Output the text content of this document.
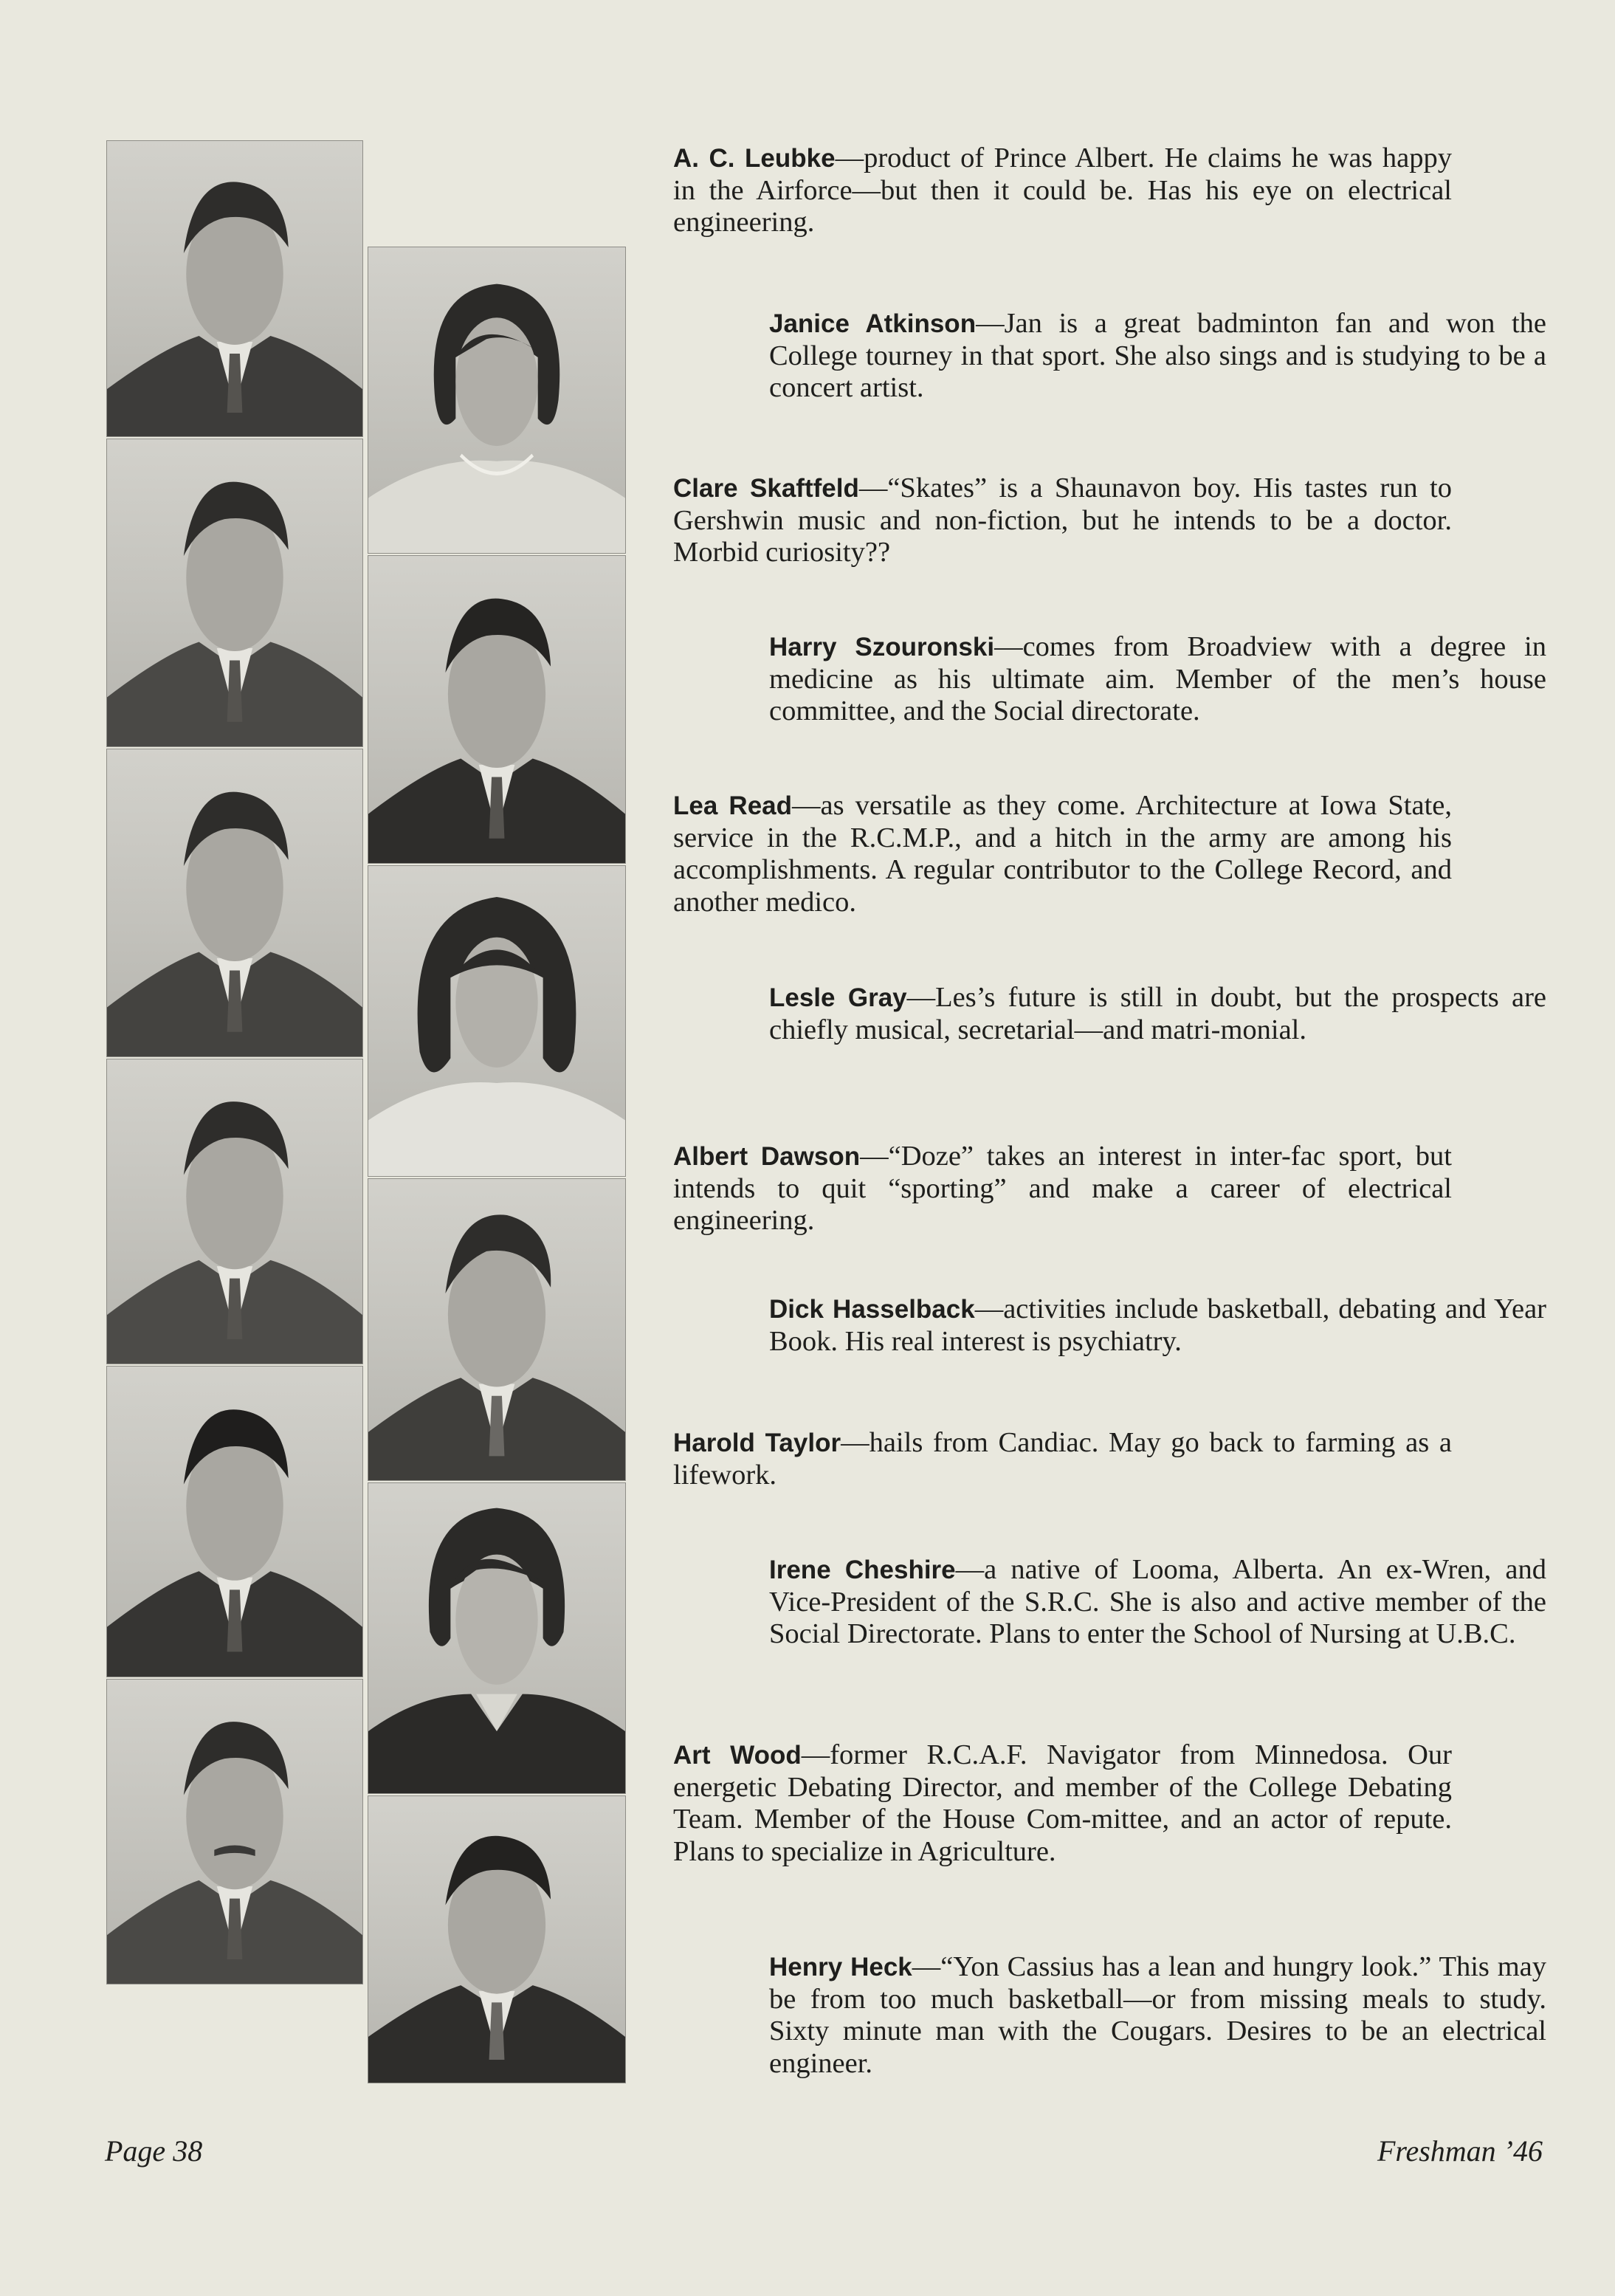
A. C. Leubke—product of Prince Albert. He claims he was happy in the Airforce—but then it could be. Has his eye on electrical engineering.
Janice Atkinson—Jan is a great badminton fan and won the College tourney in that sport. She also sings and is studying to be a concert artist.
Clare Skaftfeld—“Skates” is a Shaunavon boy. His tastes run to Gershwin music and non-fiction, but he intends to be a doctor. Morbid curiosity??
Harry Szouronski—comes from Broadview with a degree in medicine as his ultimate aim. Member of the men’s house committee, and the Social directorate.
Lea Read—as versatile as they come. Architecture at Iowa State, service in the R.C.M.P., and a hitch in the army are among his accomplishments. A regular contributor to the College Record, and another medico.
Lesle Gray—Les’s future is still in doubt, but the prospects are chiefly musical, secretarial—and matri-monial.
Albert Dawson—“Doze” takes an interest in inter-fac sport, but intends to quit “sporting” and make a career of electrical engineering.
Dick Hasselback—activities include basketball, debating and Year Book. His real interest is psychiatry.
Harold Taylor—hails from Candiac. May go back to farming as a lifework.
Irene Cheshire—a native of Looma, Alberta. An ex-Wren, and Vice-President of the S.R.C. She is also and active member of the Social Directorate. Plans to enter the School of Nursing at U.B.C.
Art Wood—former R.C.A.F. Navigator from Minnedosa. Our energetic Debating Director, and member of the College Debating Team. Member of the House Com-mittee, and an actor of repute. Plans to specialize in Agriculture.
Henry Heck—“Yon Cassius has a lean and hungry look.” This may be from too much basketball—or from missing meals to study. Sixty minute man with the Cougars. Desires to be an electrical engineer.
Page 38	Freshman ’46
